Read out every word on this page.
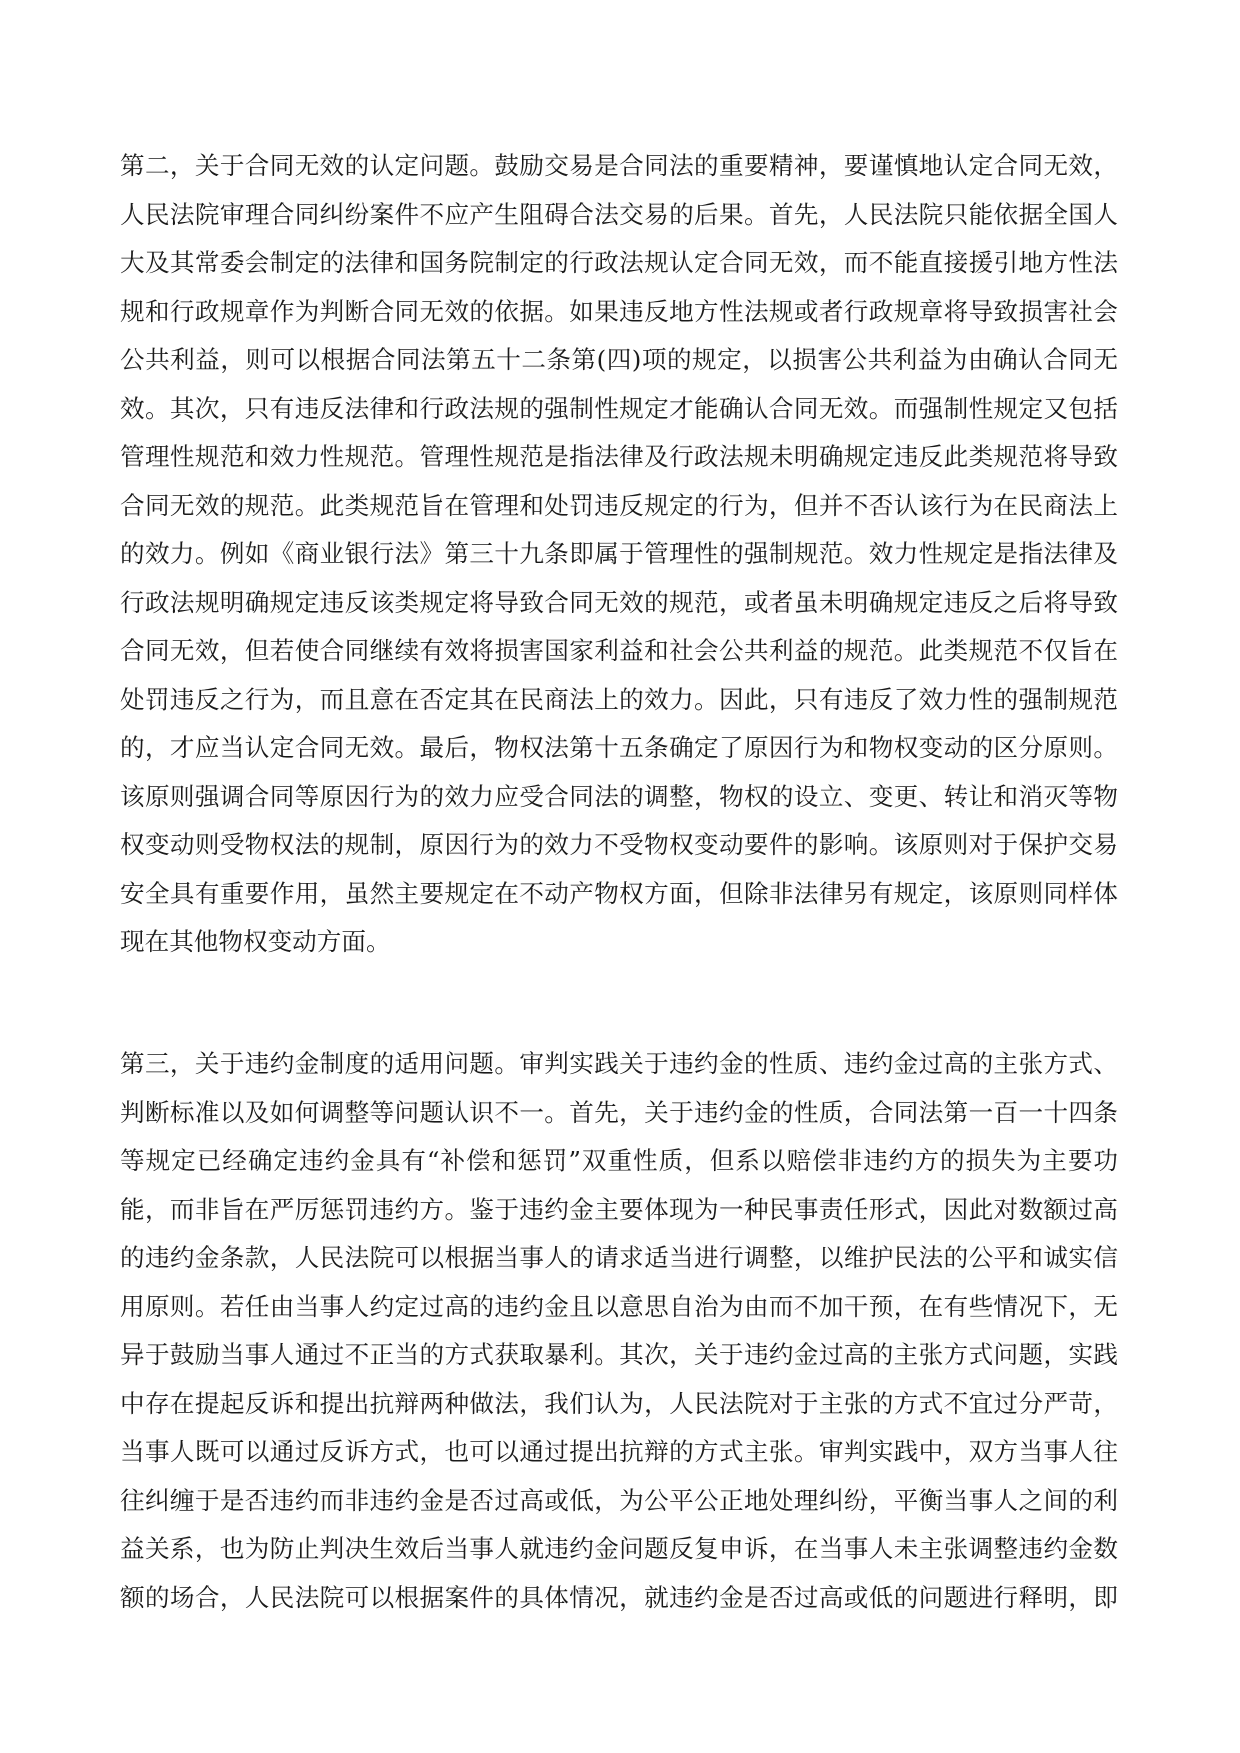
第二，关于合同无效的认定问题。鼓励交易是合同法的重要精神，要谨慎地认定合同无效，
人民法院审理合同纠纷案件不应产生阻碍合法交易的后果。首先，人民法院只能依据全国人
大及其常委会制定的法律和国务院制定的行政法规认定合同无效，而不能直接援引地方性法
规和行政规章作为判断合同无效的依据。如果违反地方性法规或者行政规章将导致损害社会
公共利益，则可以根据合同法第五十二条第(四)项的规定，以损害公共利益为由确认合同无
效。其次，只有违反法律和行政法规的强制性规定才能确认合同无效。而强制性规定又包括
管理性规范和效力性规范。管理性规范是指法律及行政法规未明确规定违反此类规范将导致
合同无效的规范。此类规范旨在管理和处罚违反规定的行为，但并不否认该行为在民商法上
的效力。例如《商业银行法》第三十九条即属于管理性的强制规范。效力性规定是指法律及
行政法规明确规定违反该类规定将导致合同无效的规范，或者虽未明确规定违反之后将导致
合同无效，但若使合同继续有效将损害国家利益和社会公共利益的规范。此类规范不仅旨在
处罚违反之行为，而且意在否定其在民商法上的效力。因此，只有违反了效力性的强制规范
的，才应当认定合同无效。最后，物权法第十五条确定了原因行为和物权变动的区分原则。
该原则强调合同等原因行为的效力应受合同法的调整，物权的设立、变更、转让和消灭等物
权变动则受物权法的规制，原因行为的效力不受物权变动要件的影响。该原则对于保护交易
安全具有重要作用，虽然主要规定在不动产物权方面，但除非法律另有规定，该原则同样体
现在其他物权变动方面。
第三，关于违约金制度的适用问题。审判实践关于违约金的性质、违约金过高的主张方式、
判断标准以及如何调整等问题认识不一。首先，关于违约金的性质，合同法第一百一十四条
等规定已经确定违约金具有“补偿和惩罚”双重性质，但系以赔偿非违约方的损失为主要功
能，而非旨在严厉惩罚违约方。鉴于违约金主要体现为一种民事责任形式，因此对数额过高
的违约金条款，人民法院可以根据当事人的请求适当进行调整，以维护民法的公平和诚实信
用原则。若任由当事人约定过高的违约金且以意思自治为由而不加干预，在有些情况下，无
异于鼓励当事人通过不正当的方式获取暴利。其次，关于违约金过高的主张方式问题，实践
中存在提起反诉和提出抗辩两种做法，我们认为，人民法院对于主张的方式不宜过分严苛，
当事人既可以通过反诉方式，也可以通过提出抗辩的方式主张。审判实践中，双方当事人往
往纠缠于是否违约而非违约金是否过高或低，为公平公正地处理纠纷，平衡当事人之间的利
益关系，也为防止判决生效后当事人就违约金问题反复申诉，在当事人未主张调整违约金数
额的场合，人民法院可以根据案件的具体情况，就违约金是否过高或低的问题进行释明，即
